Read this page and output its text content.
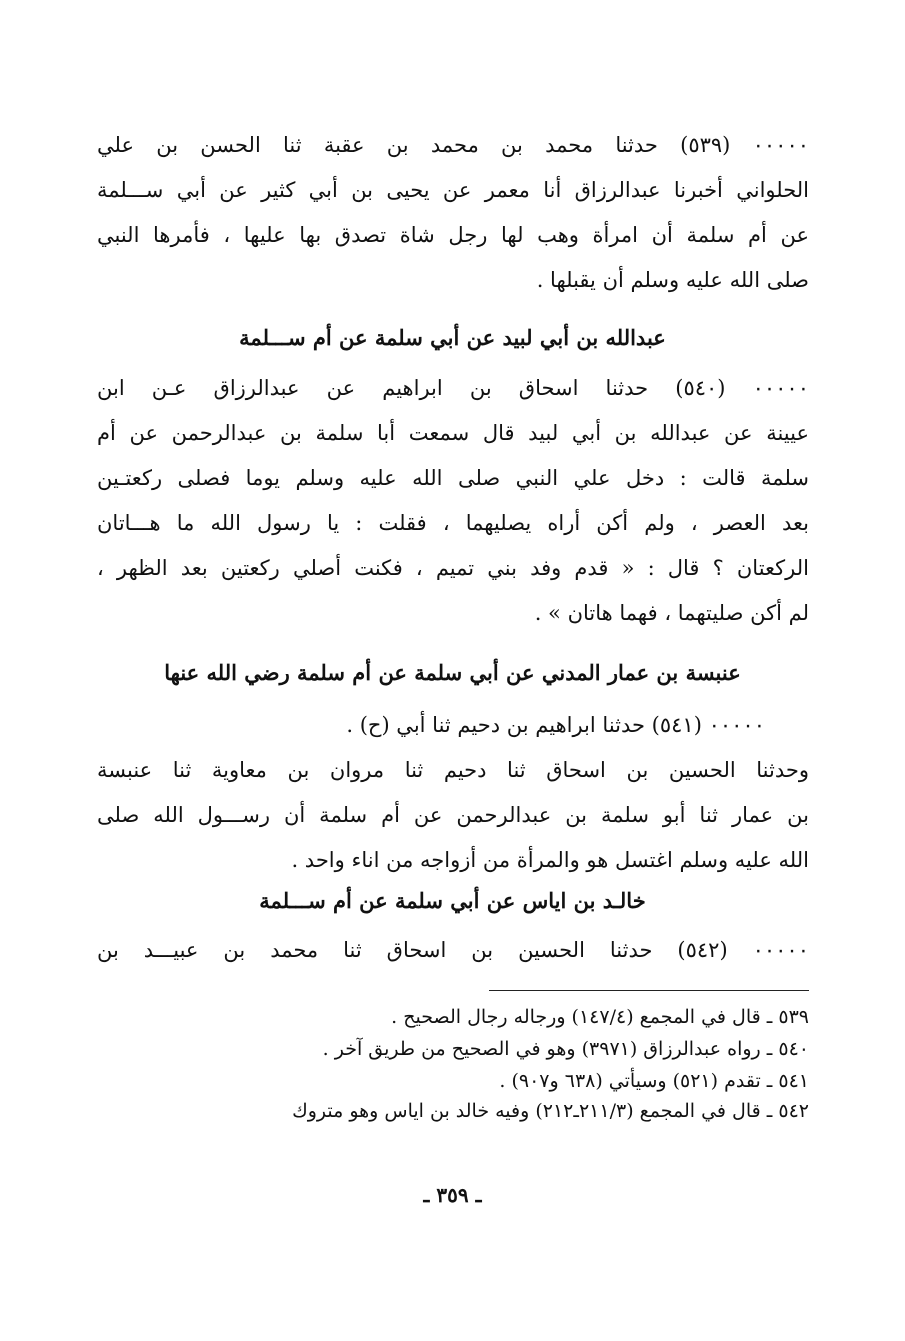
٠٠٠٠٠ (٥٣٩) حدثنا محمد بن محمد بن عقبة ثنا الحسن بن علي
الحلواني أخبرنا عبدالرزاق أنا معمر عن يحيى بن أبي كثير عن أبي ســـلمة
عن أم سلمة أن امرأة وهب لها رجل شاة تصدق بها عليها ، فأمرها النبي
صلى الله عليه وسلم أن يقبلها .
عبدالله بن أبي لبيد عن أبي سلمة عن أم ســـلمة
٠٠٠٠٠ (٥٤٠) حدثنا اسحاق بن ابراهيم عن عبدالرزاق عـن ابن
عيينة عن عبدالله بن أبي لبيد قال سمعت أبا سلمة بن عبدالرحمن عن أم
سلمة قالت : دخل علي النبي صلى الله عليه وسلم يوما فصلى ركعتـين
بعد العصر ، ولم أكن أراه يصليهما ، فقلت : يا رسول الله ما هـــاتان
الركعتان ؟ قال : « قدم وفد بني تميم ، فكنت أصلي ركعتين بعد الظهر ،
لم أكن صليتهما ، فهما هاتان » .
عنبسة بن عمار المدني عن أبي سلمة عن أم سلمة رضي الله عنها
٠٠٠٠٠ (٥٤١) حدثنا ابراهيم بن دحيم ثنا أبي (ح) .
وحدثنا الحسين بن اسحاق ثنا دحيم ثنا مروان بن معاوية ثنا عنبسة
بن عمار ثنا أبو سلمة بن عبدالرحمن عن أم سلمة أن رســـول الله صلى
الله عليه وسلم اغتسل هو والمرأة من أزواجه من اناء واحد .
خالـد بن اياس عن أبي سلمة عن أم ســـلمة
٠٠٠٠٠ (٥٤٢) حدثنا الحسين بن اسحاق ثنا محمد بن عبيـــد بن
٥٣٩ ـ قال في المجمع (١٤٧/٤) ورجاله رجال الصحيح .
٥٤٠ ـ رواه عبدالرزاق (٣٩٧١) وهو في الصحيح من طريق آخر .
٥٤١ ـ تقدم (٥٢١) وسيأتي (٦٣٨ و٩٠٧) .
٥٤٢ ـ قال في المجمع (٢١١/٣ـ٢١٢) وفيه خالد بن اياس وهو متروك
ـ ٣٥٩ ـ
